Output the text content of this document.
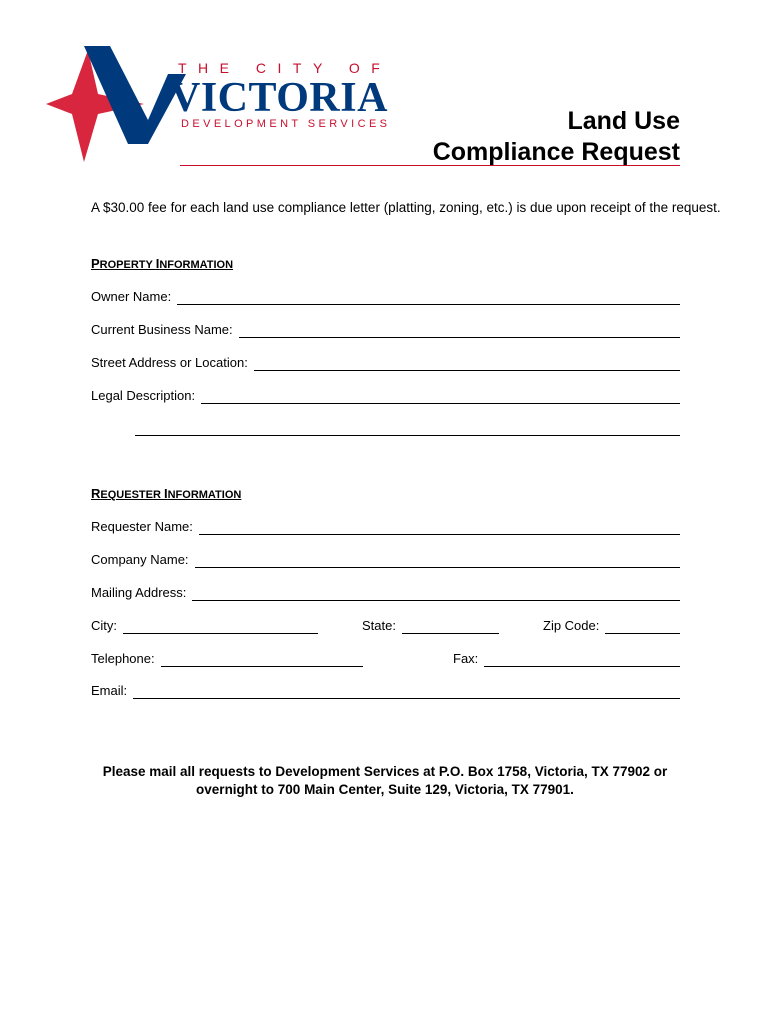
THE CITY OF
VICTORIA
DEVELOPMENT SERVICES	Land Use
Compliance Request
A $30.00 fee for each land use compliance letter (platting, zoning, etc.) is due upon receipt of the request.
PROPERTY INFORMATION
Owner Name:
Current Business Name:
Street Address or Location:
Legal Description:
REQUESTER INFORMATION
Requester Name:
Company Name:
Mailing Address:
City:	State:	Zip Code:
Telephone:	Fax:
Email:
Please mail all requests to Development Services at P.O. Box 1758, Victoria, TX 77902 or
overnight to 700 Main Center, Suite 129, Victoria, TX 77901.
